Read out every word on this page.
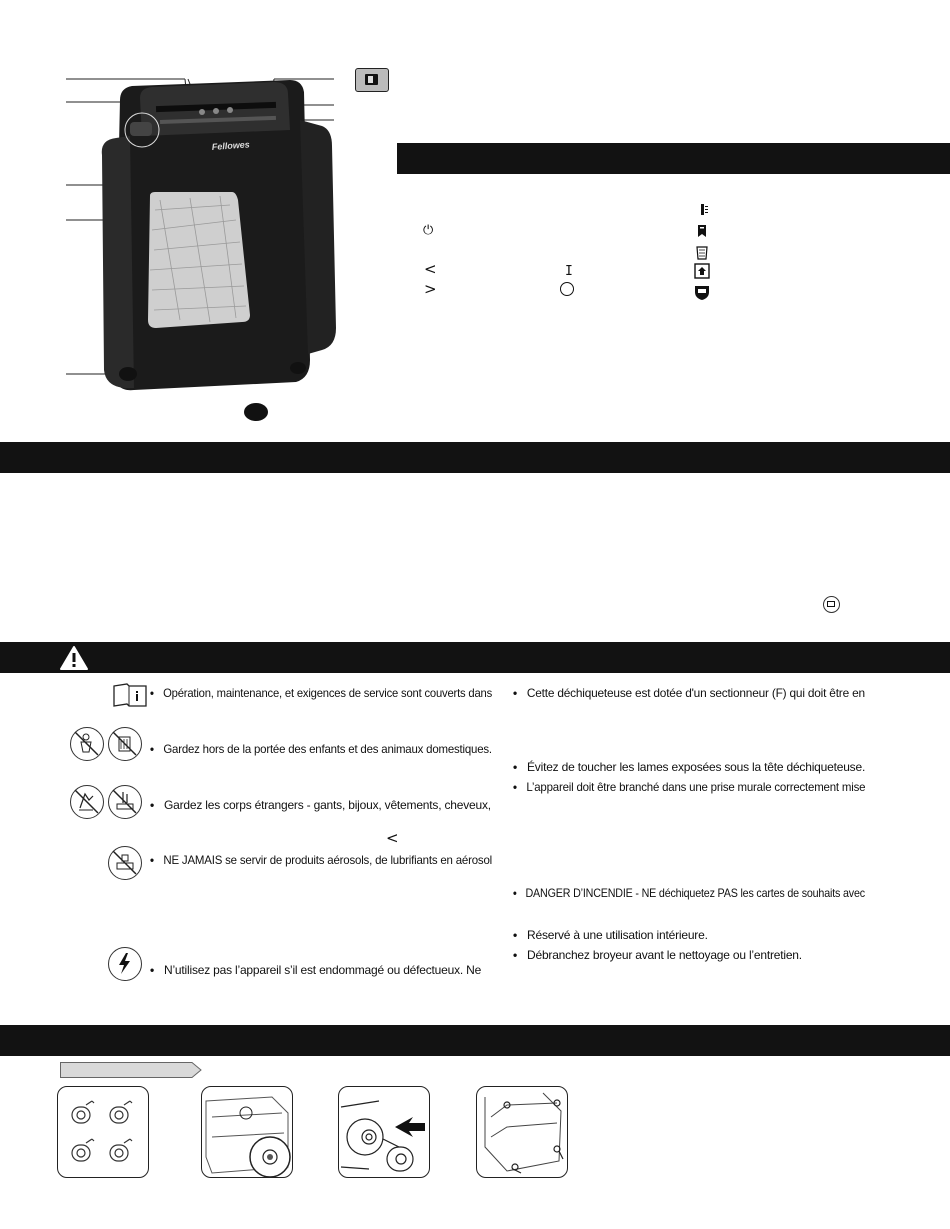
Fellowes
⏻
<
>
I
<
• Opération, maintenance, et exigences de service sont couverts dans
• Gardez hors de la portée des enfants et des animaux domestiques.
• Gardez les corps étrangers - gants, bijoux, vêtements, cheveux,
• NE JAMAIS se servir de produits aérosols, de lubrifiants en aérosol
• N’utilisez pas l’appareil s’il est endommagé ou défectueux. Ne
• Cette déchiqueteuse est dotée d'un sectionneur (F) qui doit être en
• Évitez de toucher les lames exposées sous la tête déchiqueteuse.
• L’appareil doit être branché dans une prise murale correctement mise
• DANGER D’INCENDIE - NE déchiquetez PAS les cartes de souhaits avec
• Réservé à une utilisation intérieure.
• Débranchez broyeur avant le nettoyage ou l’entretien.
